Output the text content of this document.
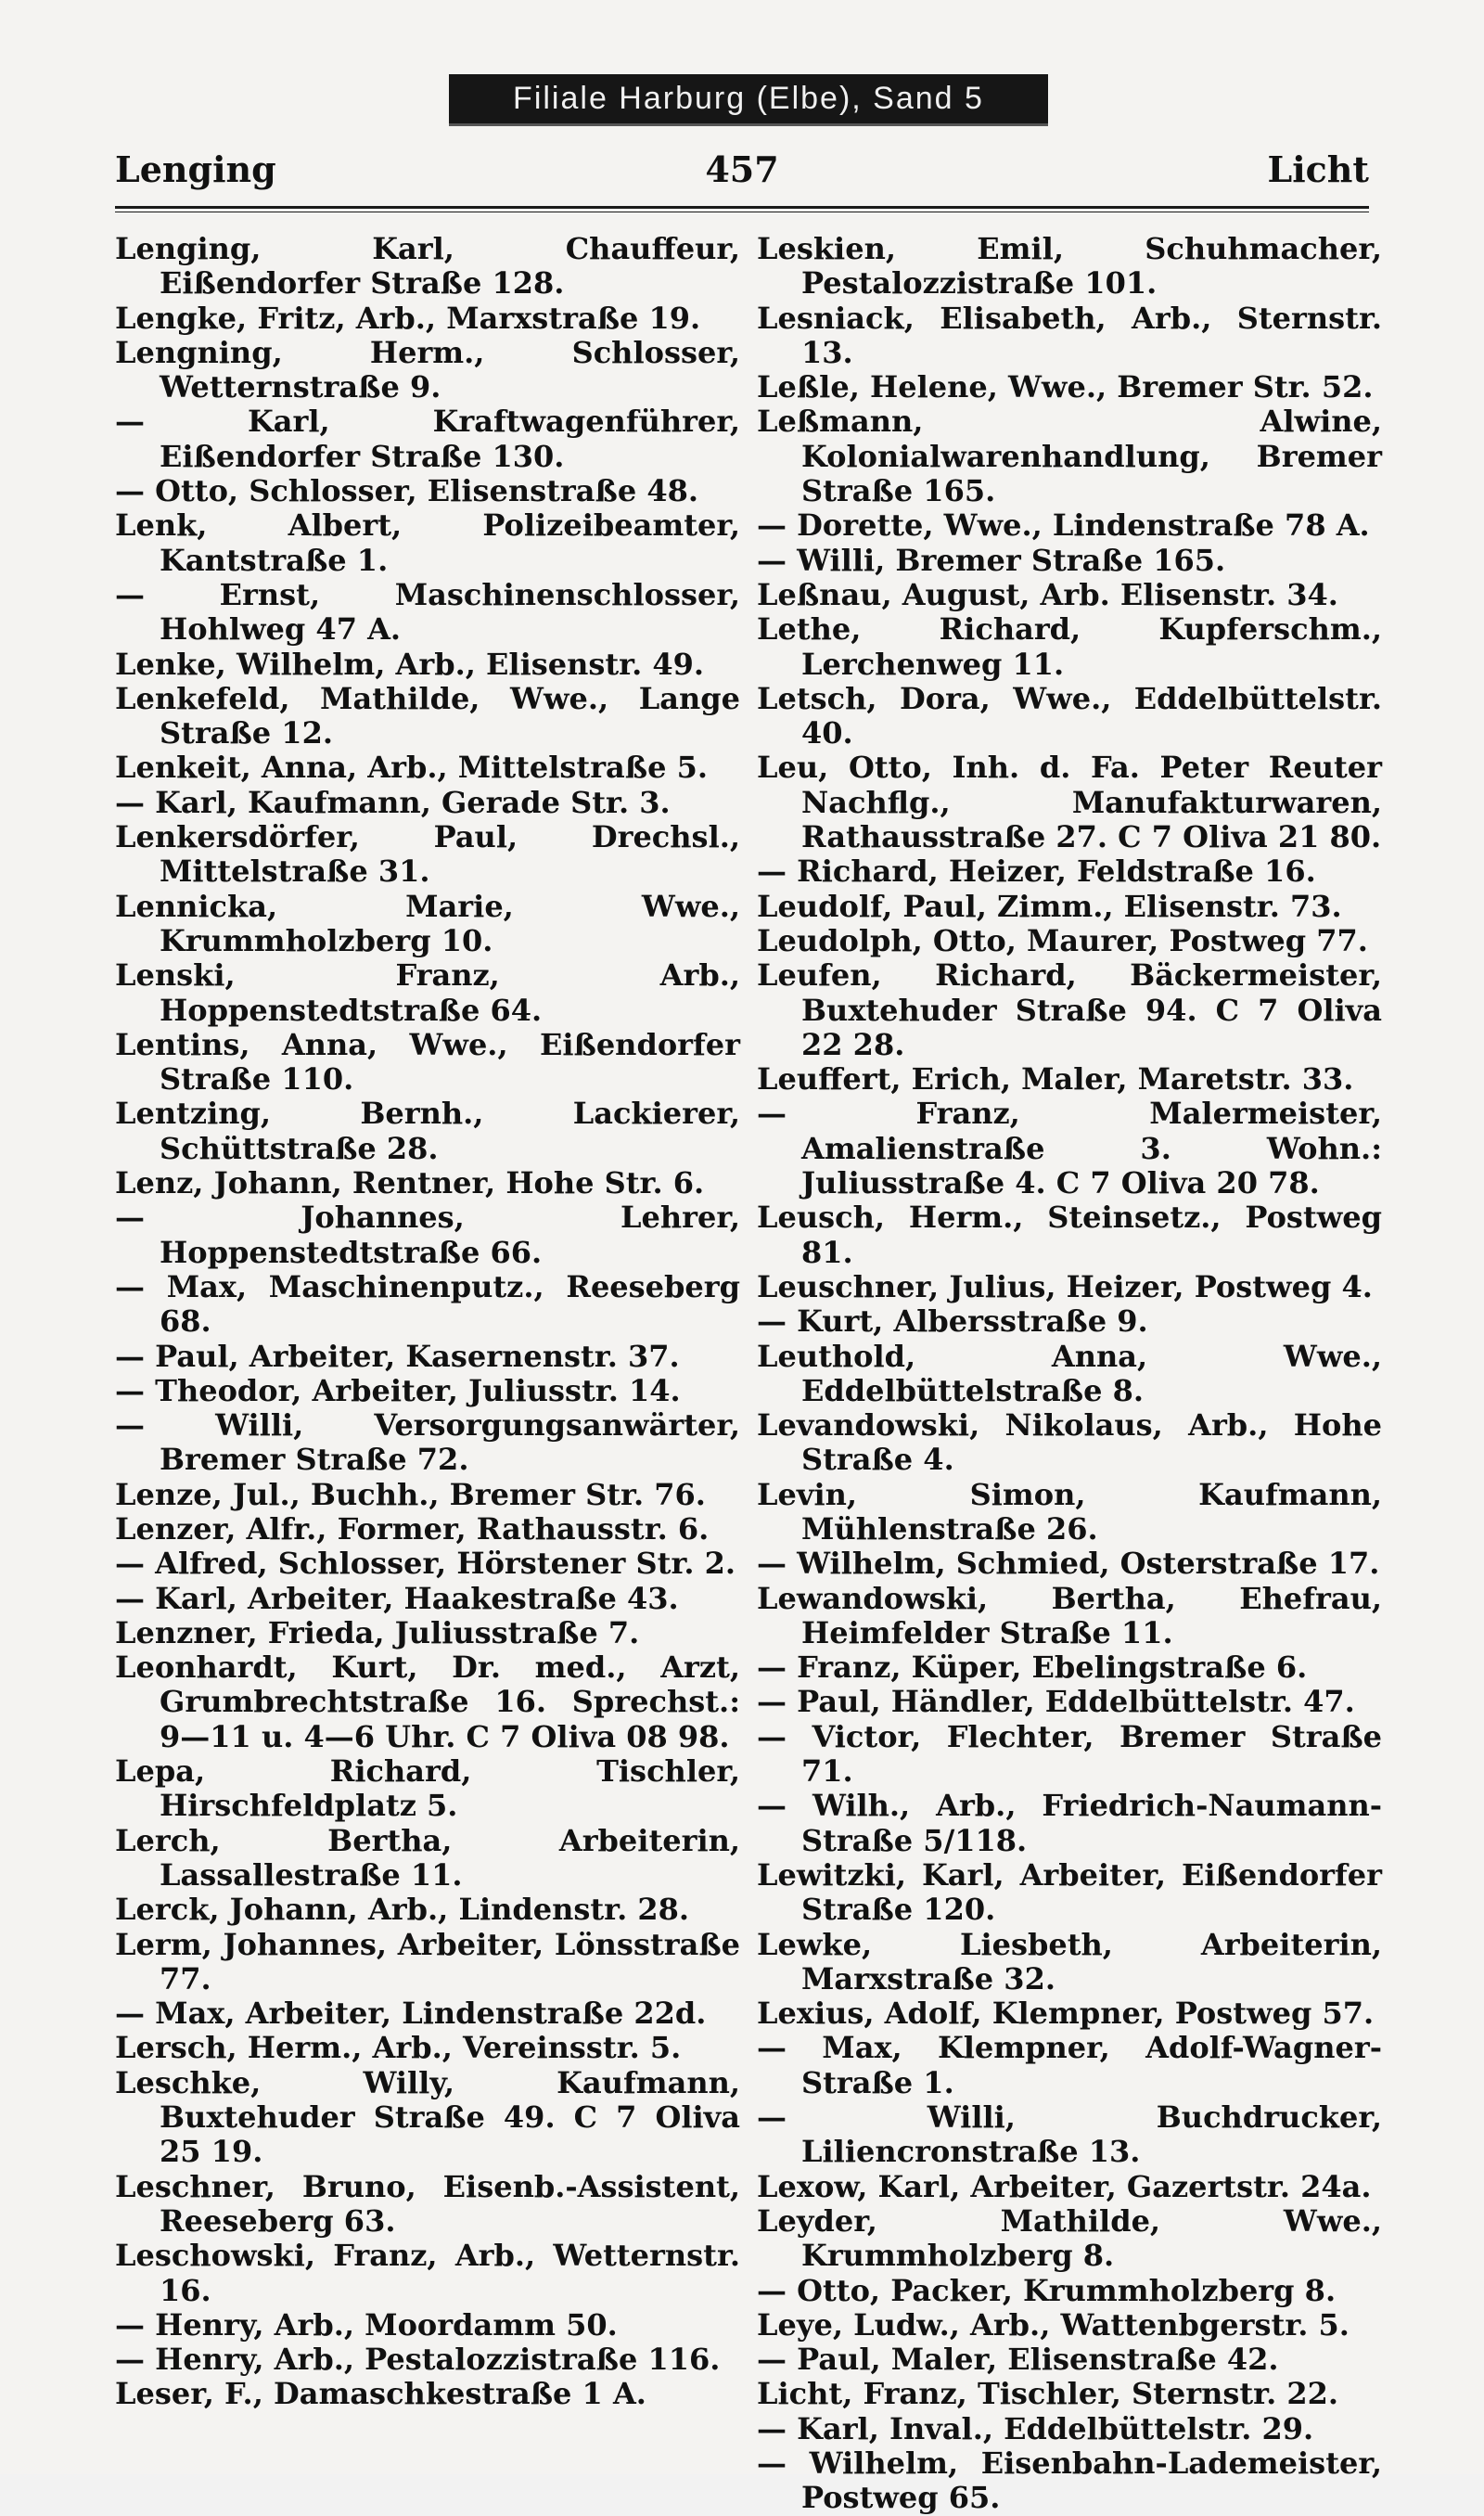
Filiale Harburg (Elbe), Sand 5
Lenging	457	Licht

Lenging, Karl, Chauffeur, Eißendorfer Straße 128.

Lengke, Fritz, Arb., Marxstraße 19.

Lengning, Herm., Schlosser, Wetternstraße 9.

— Karl, Kraftwagenführer, Eißendorfer Straße 130.

— Otto, Schlosser, Elisenstraße 48.

Lenk, Albert, Polizeibeamter, Kantstraße 1.

— Ernst, Maschinenschlosser, Hohlweg 47 A.

Lenke, Wilhelm, Arb., Elisenstr. 49.

Lenkefeld, Mathilde, Wwe., Lange Straße 12.

Lenkeit, Anna, Arb., Mittelstraße 5.

— Karl, Kaufmann, Gerade Str. 3.

Lenkersdörfer, Paul, Drechsl., Mittelstraße 31.

Lennicka, Marie, Wwe., Krummholzberg 10.

Lenski, Franz, Arb., Hoppenstedtstraße 64.

Lentins, Anna, Wwe., Eißendorfer Straße 110.

Lentzing, Bernh., Lackierer, Schüttstraße 28.

Lenz, Johann, Rentner, Hohe Str. 6.

— Johannes, Lehrer, Hoppenstedtstraße 66.

— Max, Maschinenputz., Reeseberg 68.

— Paul, Arbeiter, Kasernenstr. 37.

— Theodor, Arbeiter, Juliusstr. 14.

— Willi, Versorgungsanwärter, Bremer Straße 72.

Lenze, Jul., Buchh., Bremer Str. 76.

Lenzer, Alfr., Former, Rathausstr. 6.

— Alfred, Schlosser, Hörstener Str. 2.

— Karl, Arbeiter, Haakestraße 43.

Lenzner, Frieda, Juliusstraße 7.

Leonhardt, Kurt, Dr. med., Arzt, Grumbrechtstraße 16. Sprechst.: 9—11 u. 4—6 Uhr. C 7 Oliva 08 98.

Lepa, Richard, Tischler, Hirschfeldplatz 5.

Lerch, Bertha, Arbeiterin, Lassallestraße 11.

Lerck, Johann, Arb., Lindenstr. 28.

Lerm, Johannes, Arbeiter, Lönsstraße 77.

— Max, Arbeiter, Lindenstraße 22d.

Lersch, Herm., Arb., Vereinsstr. 5.

Leschke, Willy, Kaufmann, Buxtehuder Straße 49. C 7 Oliva 25 19.

Leschner, Bruno, Eisenb.-Assistent, Reeseberg 63.

Leschowski, Franz, Arb., Wetternstr. 16.

— Henry, Arb., Moordamm 50.

— Henry, Arb., Pestalozzistraße 116.

Leser, F., Damaschkestraße 1 A.

Leskien, Emil, Schuhmacher, Pestalozzistraße 101.

Lesniack, Elisabeth, Arb., Sternstr. 13.

Leßle, Helene, Wwe., Bremer Str. 52.

Leßmann, Alwine, Kolonialwarenhandlung, Bremer Straße 165.

— Dorette, Wwe., Lindenstraße 78 A.

— Willi, Bremer Straße 165.

Leßnau, August, Arb. Elisenstr. 34.

Lethe, Richard, Kupferschm., Lerchenweg 11.

Letsch, Dora, Wwe., Eddelbüttelstr. 40.

Leu, Otto, Inh. d. Fa. Peter Reuter Nachflg., Manufakturwaren, Rathausstraße 27. C 7 Oliva 21 80.

— Richard, Heizer, Feldstraße 16.

Leudolf, Paul, Zimm., Elisenstr. 73.

Leudolph, Otto, Maurer, Postweg 77.

Leufen, Richard, Bäckermeister, Buxtehuder Straße 94. C 7 Oliva 22 28.

Leuffert, Erich, Maler, Maretstr. 33.

— Franz, Malermeister, Amalienstraße 3. Wohn.: Juliusstraße 4. C 7 Oliva 20 78.

Leusch, Herm., Steinsetz., Postweg 81.

Leuschner, Julius, Heizer, Postweg 4.

— Kurt, Albersstraße 9.

Leuthold, Anna, Wwe., Eddelbüttelstraße 8.

Levandowski, Nikolaus, Arb., Hohe Straße 4.

Levin, Simon, Kaufmann, Mühlenstraße 26.

— Wilhelm, Schmied, Osterstraße 17.

Lewandowski, Bertha, Ehefrau, Heimfelder Straße 11.

— Franz, Küper, Ebelingstraße 6.

— Paul, Händler, Eddelbüttelstr. 47.

— Victor, Flechter, Bremer Straße 71.

— Wilh., Arb., Friedrich-Naumann-Straße 5/118.

Lewitzki, Karl, Arbeiter, Eißendorfer Straße 120.

Lewke, Liesbeth, Arbeiterin, Marxstraße 32.

Lexius, Adolf, Klempner, Postweg 57.

— Max, Klempner, Adolf-Wagner-Straße 1.

— Willi, Buchdrucker, Liliencronstraße 13.

Lexow, Karl, Arbeiter, Gazertstr. 24a.

Leyder, Mathilde, Wwe., Krummholzberg 8.

— Otto, Packer, Krummholzberg 8.

Leye, Ludw., Arb., Wattenbgerstr. 5.

— Paul, Maler, Elisenstraße 42.

Licht, Franz, Tischler, Sternstr. 22.

— Karl, Inval., Eddelbüttelstr. 29.

— Wilhelm, Eisenbahn-Lademeister, Postweg 65.
